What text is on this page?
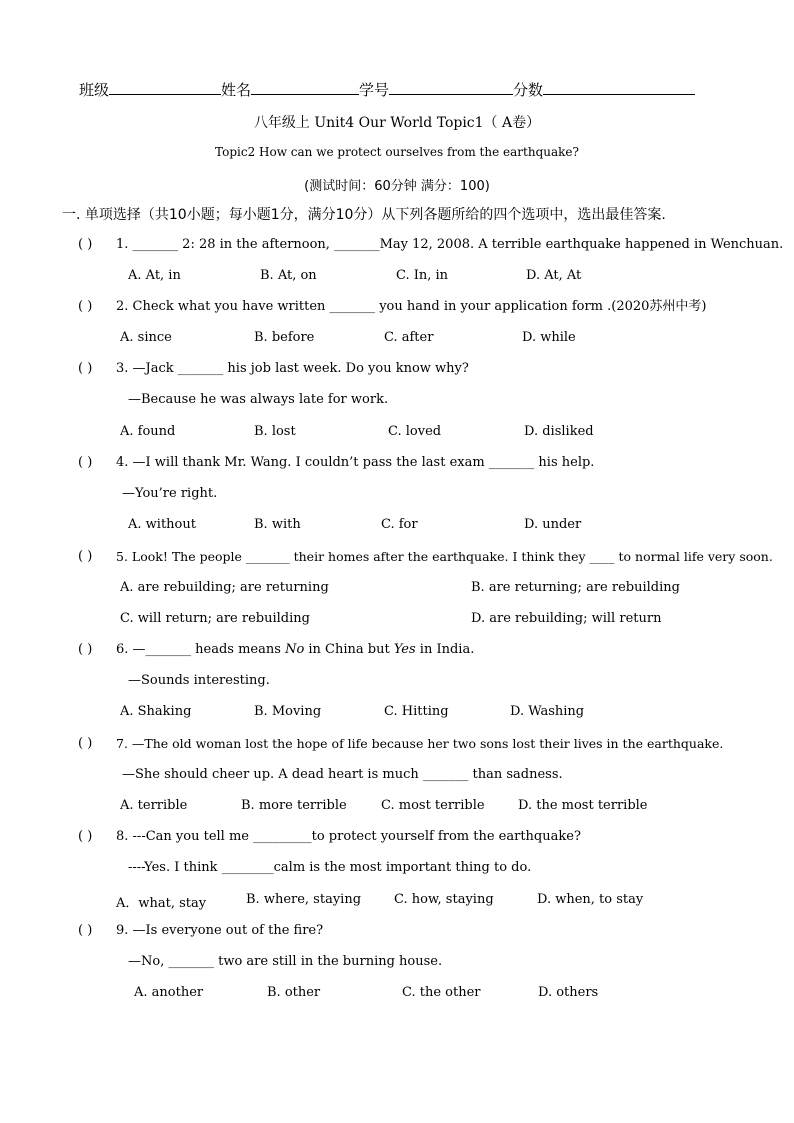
班级	姓名	学号	分数
八年级上 Unit4 Our World Topic1（ A卷）
Topic2 How can we protect ourselves from the earthquake?
(测试时间：60分钟 满分：100)
一. 单项选择（共10小题；每小题1分，满分10分）从下列各题所给的四个选项中，选出最佳答案.
( ) 1. _______ 2: 28 in the afternoon, _______May 12, 2008. A terrible earthquake happened in Wenchuan.
A. At, in	B. At, on	C. In, in	D. At, At
( ) 2. Check what you have written _______ you hand in your application form .(2020苏州中考)
A. since	B. before	C. after	D. while
( ) 3. —Jack _______ his job last week. Do you know why?
—Because he was always late for work.
A. found	B. lost	C. loved	D. disliked
( ) 4. —I will thank Mr. Wang. I couldn’t pass the last exam _______ his help.
—You’re right.
A. without	B. with	C. for	D. under
( ) 5. Look! The people _______ their homes after the earthquake. I think they ____ to normal life very soon.
A. are rebuilding; are returning	B. are returning; are rebuilding
C. will return; are rebuilding	D. are rebuilding; will return
( ) 6. —_______ heads means No in China but Yes in India.
—Sounds interesting.
A. Shaking	B. Moving	C. Hitting	D. Washing
( ) 7. —The old woman lost the hope of life because her two sons lost their lives in the earthquake.
—She should cheer up. A dead heart is much _______ than sadness.
A. terrible	B. more terrible	C. most terrible	D. the most terrible
( ) 8. ---Can you tell me _________to protect yourself from the earthquake?
----Yes. I think ________calm is the most important thing to do.
A．what, stay	B. where, staying	C. how, staying	D. when, to stay
( ) 9. —Is everyone out of the fire?
—No, _______ two are still in the burning house.
A. another	B. other	C. the other	D. others
